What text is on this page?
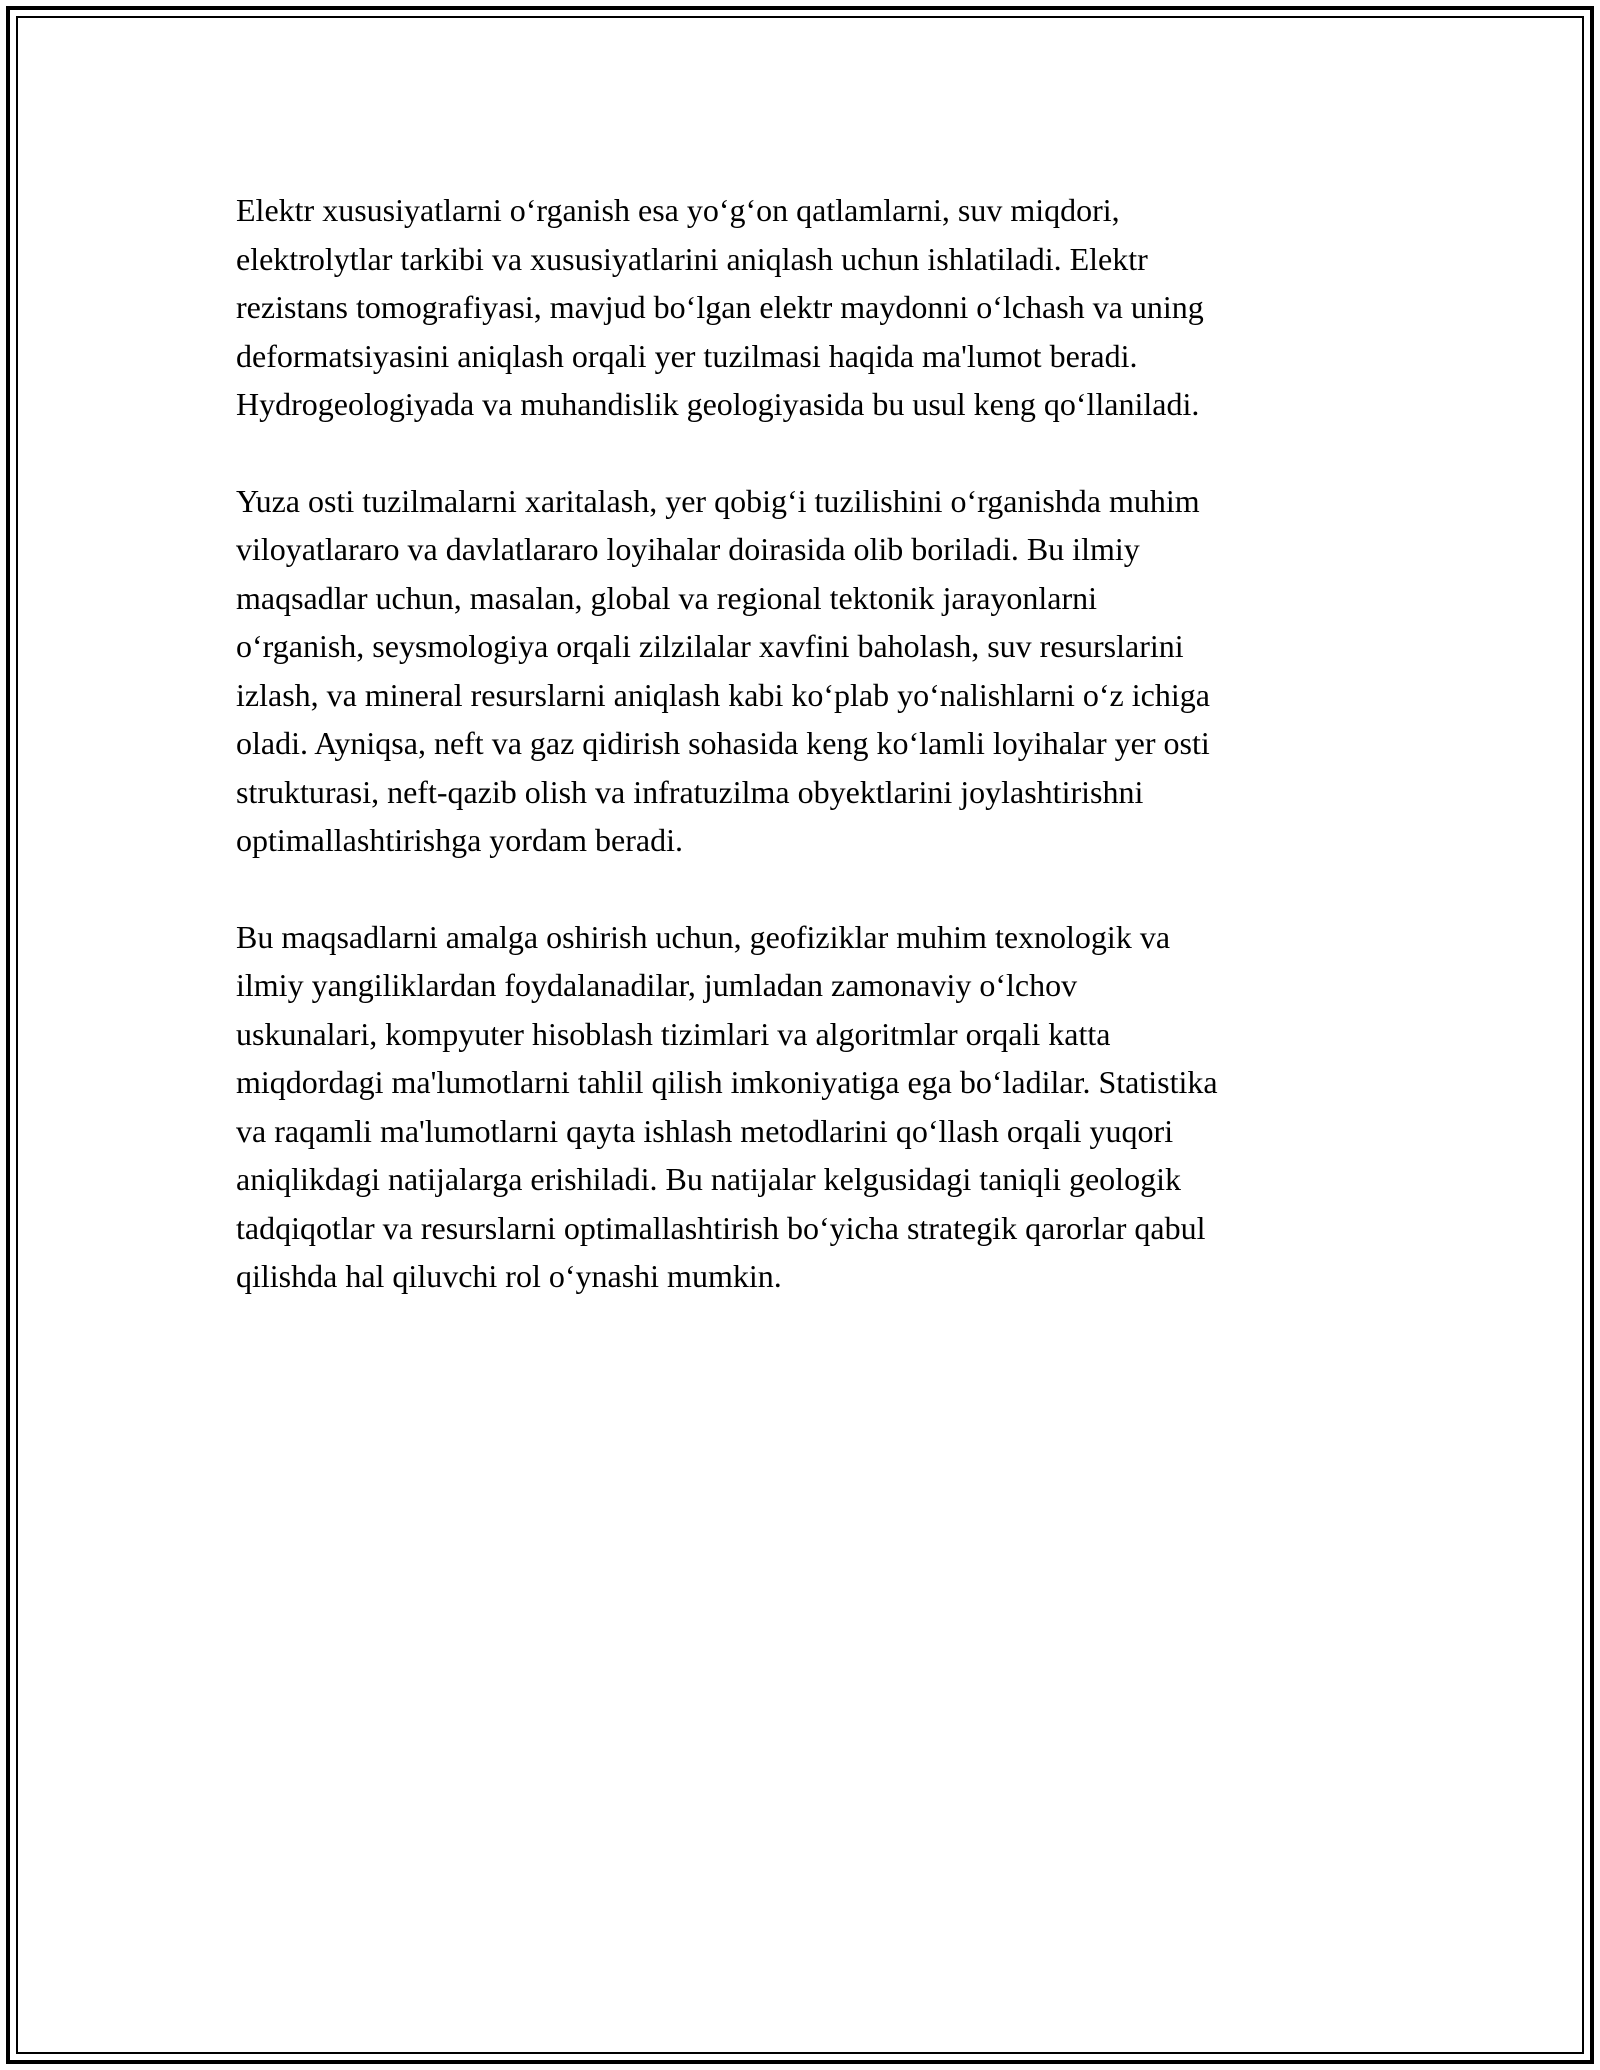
Elektr xususiyatlarni o‘rganish esa yo‘g‘on qatlamlarni, suv miqdori,
elektrolytlar tarkibi va xususiyatlarini aniqlash uchun ishlatiladi. Elektr
rezistans tomografiyasi, mavjud bo‘lgan elektr maydonni o‘lchash va uning
deformatsiyasini aniqlash orqali yer tuzilmasi haqida ma'lumot beradi.
Hydrogeologiyada va muhandislik geologiyasida bu usul keng qo‘llaniladi.

Yuza osti tuzilmalarni xaritalash, yer qobig‘i tuzilishini o‘rganishda muhim
viloyatlararo va davlatlararo loyihalar doirasida olib boriladi. Bu ilmiy
maqsadlar uchun, masalan, global va regional tektonik jarayonlarni
o‘rganish, seysmologiya orqali zilzilalar xavfini baholash, suv resurslarini
izlash, va mineral resurslarni aniqlash kabi ko‘plab yo‘nalishlarni o‘z ichiga
oladi. Ayniqsa, neft va gaz qidirish sohasida keng ko‘lamli loyihalar yer osti
strukturasi, neft-qazib olish va infratuzilma obyektlarini joylashtirishni
optimallashtirishga yordam beradi.

Bu maqsadlarni amalga oshirish uchun, geofiziklar muhim texnologik va
ilmiy yangiliklardan foydalanadilar, jumladan zamonaviy o‘lchov
uskunalari, kompyuter hisoblash tizimlari va algoritmlar orqali katta
miqdordagi ma'lumotlarni tahlil qilish imkoniyatiga ega bo‘ladilar. Statistika
va raqamli ma'lumotlarni qayta ishlash metodlarini qo‘llash orqali yuqori
aniqlikdagi natijalarga erishiladi. Bu natijalar kelgusidagi taniqli geologik
tadqiqotlar va resurslarni optimallashtirish bo‘yicha strategik qarorlar qabul
qilishda hal qiluvchi rol o‘ynashi mumkin.
